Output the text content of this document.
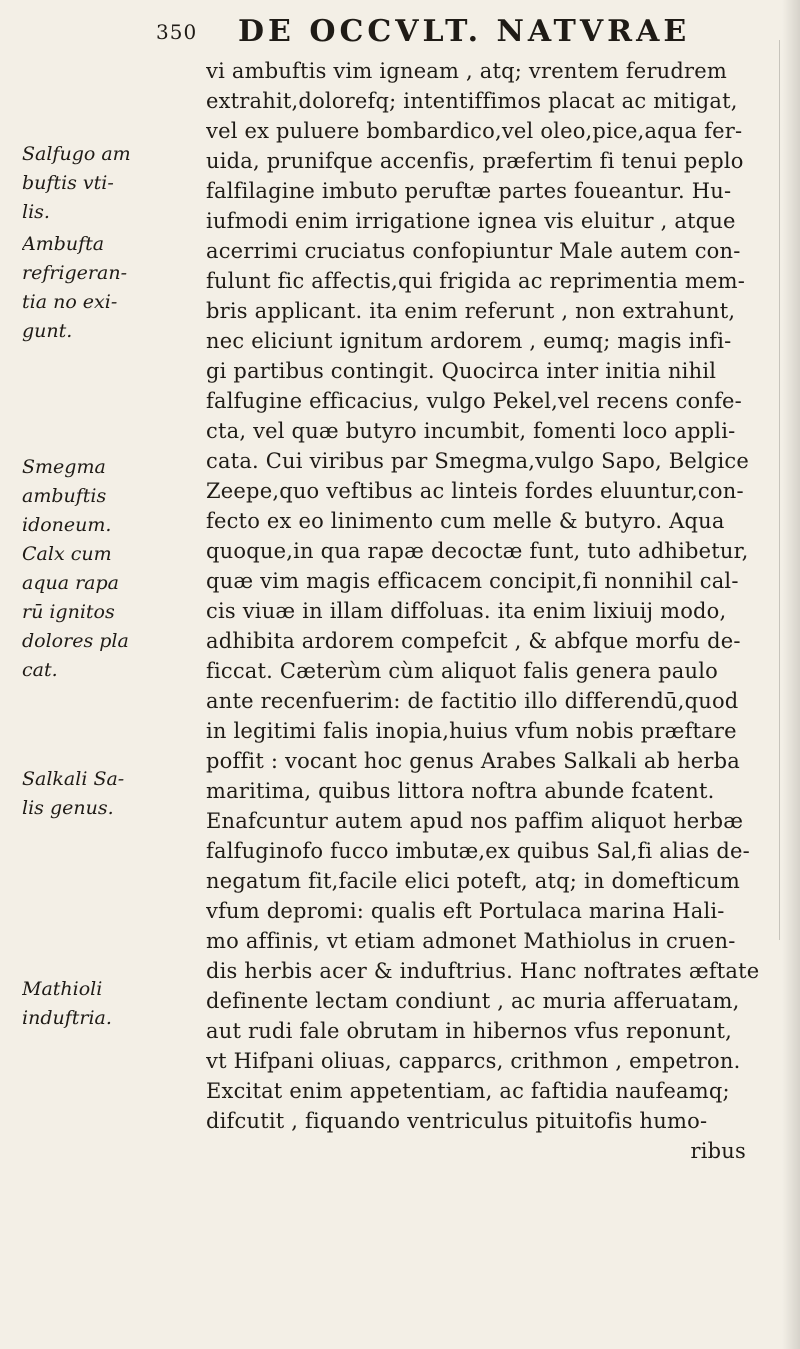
350 DE OCCVLT. NATVRAE
Salfugo am
buftis vti-
lis.
Ambufta
refrigeran-
tia no exi-
gunt.
Smegma
ambuftis
idoneum.
Calx cum
aqua rapa
rū ignitos
dolores pla
cat.
Salkali Sa-
lis genus.
Mathioli
induftria.
vi ambuftis vim igneam , atq; vrentem ferudrem
extrahit,dolorefq; intentiffimos placat ac mitigat,
vel ex puluere bombardico,vel oleo,pice,aqua fer-
uida, prunifque accenfis, præfertim fi tenui peplo
falfilagine imbuto peruftæ partes foueantur. Hu-
iufmodi enim irrigatione ignea vis eluitur , atque
acerrimi cruciatus confopiuntur Male autem con-
fulunt fic affectis,qui frigida ac reprimentia mem-
bris applicant. ita enim referunt , non extrahunt,
nec eliciunt ignitum ardorem , eumq; magis infi-
gi partibus contingit. Quocirca inter initia nihil
falfugine efficacius, vulgo Pekel,vel recens confe-
cta, vel quæ butyro incumbit, fomenti loco appli-
cata. Cui viribus par Smegma,vulgo Sapo, Belgice
Zeepe,quo veftibus ac linteis fordes eluuntur,con-
fecto ex eo linimento cum melle & butyro. Aqua
quoque,in qua rapæ decoctæ funt, tuto adhibetur,
quæ vim magis efficacem concipit,fi nonnihil cal-
cis viuæ in illam diffoluas. ita enim lixiuij modo,
adhibita ardorem compefcit , & abfque morfu de-
ficcat. Cæterùm cùm aliquot falis genera paulo
ante recenfuerim: de factitio illo differendū,quod
in legitimi falis inopia,huius vfum nobis præftare
poffit : vocant hoc genus Arabes Salkali ab herba
maritima, quibus littora noftra abunde fcatent.
Enafcuntur autem apud nos paffim aliquot herbæ
falfuginofo fucco imbutæ,ex quibus Sal,fi alias de-
negatum fit,facile elici poteft, atq; in domefticum
vfum depromi: qualis eft Portulaca marina Hali-
mo affinis, vt etiam admonet Mathiolus in cruen-
dis herbis acer & induftrius. Hanc noftrates æftate
definente lectam condiunt , ac muria afferuatam,
aut rudi fale obrutam in hibernos vfus reponunt,
vt Hifpani oliuas, capparcs, crithmon , empetron.
Excitat enim appetentiam, ac faftidia naufeamq;
difcutit , fiquando ventriculus pituitofis humo-
ribus
